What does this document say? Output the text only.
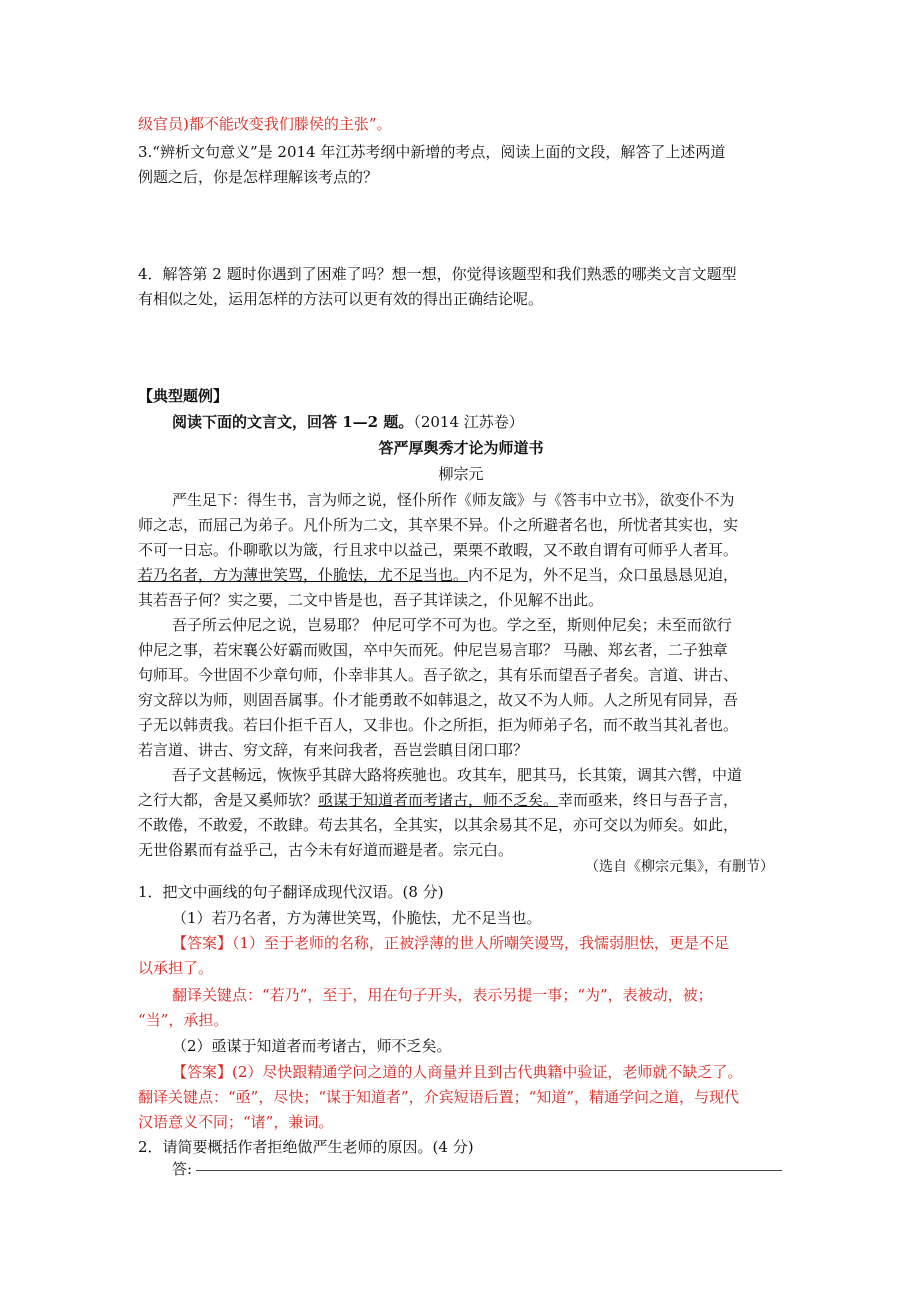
级官员)都不能改变我们滕侯的主张”。

3.“辨析文句意义”是 2014 年江苏考纲中新增的考点，阅读上面的文段，解答了上述两道

例题之后，你是怎样理解该考点的？

4．解答第 2 题时你遇到了困难了吗？想一想，你觉得该题型和我们熟悉的哪类文言文题型

有相似之处，运用怎样的方法可以更有效的得出正确结论呢。

【典型题例】

阅读下面的文言文，回答 1—2 题。（2014 江苏卷）

答严厚舆秀才论为师道书

柳宗元

严生足下：得生书，言为师之说，怪仆所作《师友箴》与《答韦中立书》，欲变仆不为

师之志，而屈己为弟子。凡仆所为二文，其卒果不异。仆之所避者名也，所忧者其实也，实

不可一日忘。仆聊歌以为箴，行且求中以益己，栗栗不敢暇，又不敢自谓有可师乎人者耳。

若乃名者，方为薄世笑骂，仆脆怯，尤不足当也。内不足为，外不足当，众口虽恳恳见迫，

其若吾子何？实之要，二文中皆是也，吾子其详读之，仆见解不出此。

吾子所云仲尼之说，岂易耶？ 仲尼可学不可为也。学之至，斯则仲尼矣；未至而欲行

仲尼之事，若宋襄公好霸而败国，卒中矢而死。仲尼岂易言耶？ 马融、郑玄者，二子独章

句师耳。今世固不少章句师，仆幸非其人。吾子欲之，其有乐而望吾子者矣。言道、讲古、

穷文辞以为师，则固吾属事。仆才能勇敢不如韩退之，故又不为人师。人之所见有同异，吾

子无以韩责我。若曰仆拒千百人，又非也。仆之所拒，拒为师弟子名，而不敢当其礼者也。

若言道、讲古、穷文辞，有来问我者，吾岂尝瞋目闭口耶？

吾子文甚畅远，恢恢乎其辟大路将疾驰也。攻其车，肥其马，长其策，调其六辔，中道

之行大都，舍是又奚师欤？亟谋于知道者而考诸古，师不乏矣。幸而亟来，终日与吾子言，

不敢倦，不敢爱，不敢肆。苟去其名，全其实，以其余易其不足，亦可交以为师矣。如此，

无世俗累而有益乎己，古今未有好道而避是者。宗元白。

（选自《柳宗元集》，有删节）

1．把文中画线的句子翻译成现代汉语。(8 分)

（1）若乃名者，方为薄世笑骂，仆脆怯，尤不足当也。

【答案】（1）至于老师的名称，正被浮薄的世人所嘲笑谩骂，我懦弱胆怯，更是不足

以承担了。

翻译关键点：“若乃”，至于，用在句子开头，表示另提一事；“为”，表被动，被；

“当”，承担。

（2）亟谋于知道者而考诸古，师不乏矣。

【答案】(2）尽快跟精通学问之道的人商量并且到古代典籍中验证，老师就不缺乏了。

翻译关键点：“亟”，尽快；“谋于知道者”，介宾短语后置；“知道”，精通学问之道，与现代

汉语意义不同；“诸”，兼词。

2．请简要概括作者拒绝做严生老师的原因。(4 分)

答:
